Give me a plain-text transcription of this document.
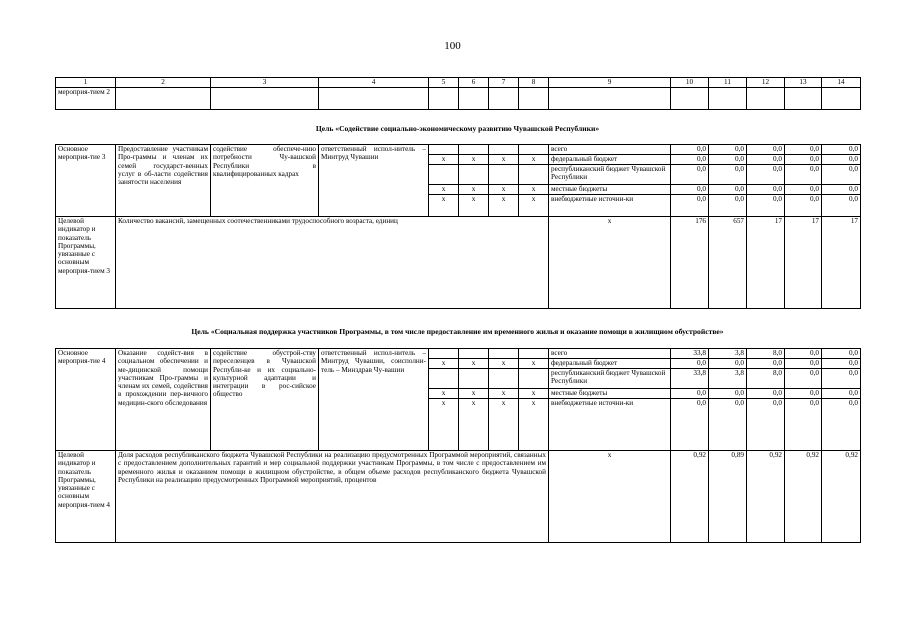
100
1	2	3	4	5	6	7	8	9	10	11	12	13	14
мероприя-тием 2													
Цель «Содействие социально-экономическому развитию Чувашской Республики»
Основное мероприя-тие 3	Предоставление участникам Про-граммы и членам их семей государст-венных услуг в об-ласти содействия занятости населения	содействие обеспече-нию потребности Чу-вашской Республики в квалифицированных кадрах	ответственный испол-нитель – Минтруд Чувашии					всего	0,0	0,0	0,0	0,0	0,0
				х	х	х	х	федеральный бюджет	0,0	0,0	0,0	0,0	0,0
								республиканский бюджет Чувашской Республики	0,0	0,0	0,0	0,0	0,0
				х	х	х	х	местные бюджеты	0,0	0,0	0,0	0,0	0,0
				х	х	х	х	внебюджетные источни-ки	0,0	0,0	0,0	0,0	0,0
Целевой индикатор и показатель Программы, увязанные с основным мероприя-тием 3	Количество вакансий, замещенных соотечественниками трудоспособного возраста, единиц							х	176	657	17	17	17
Цель «Социальная поддержка участников Программы, в том числе предоставление им временного жилья и оказание помощи в жилищном обустройстве»
Основное мероприя-тие 4	Оказание содейст-вия в социальном обеспечении и ме-дицинской помощи участникам Про-граммы и членам их семей, содействия в прохождении пер-вичного медицин-ского обследования	содействие обустрой-ству переселенцев в Чувашской Республи-ке и их социально-культурной адаптации и интеграции в рос-сийское общество	ответственный испол-нитель – Минтруд Чувашии, соисполни-тель – Минздрав Чу-вашии					всего	33,8	3,8	8,0	0,0	0,0
				х	х	х	х	федеральный бюджет	0,0	0,0	0,0	0,0	0,0
								республиканский бюджет Чувашской Республики	33,8	3,8	8,0	0,0	0,0
				х	х	х	х	местные бюджеты	0,0	0,0	0,0	0,0	0,0
				х	х	х	х	внебюджетные источни-ки	0,0	0,0	0,0	0,0	0,0
Целевой индикатор и показатель Программы, увязанные с основным мероприя-тием 4	Доля расходов республиканского бюджета Чувашской Республики на реализацию предусмотренных Программой мероприятий, связанных с предоставлением дополнительных гарантий и мер социальной поддержки участникам Программы, в том числе с предоставлением им временного жилья и оказанием помощи в жилищном обустройстве, в общем объеме расходов республиканского бюджета Чувашской Республики на реализацию предусмотренных Программой мероприятий, процентов							х	0,92	0,89	0,92	0,92	0,92
